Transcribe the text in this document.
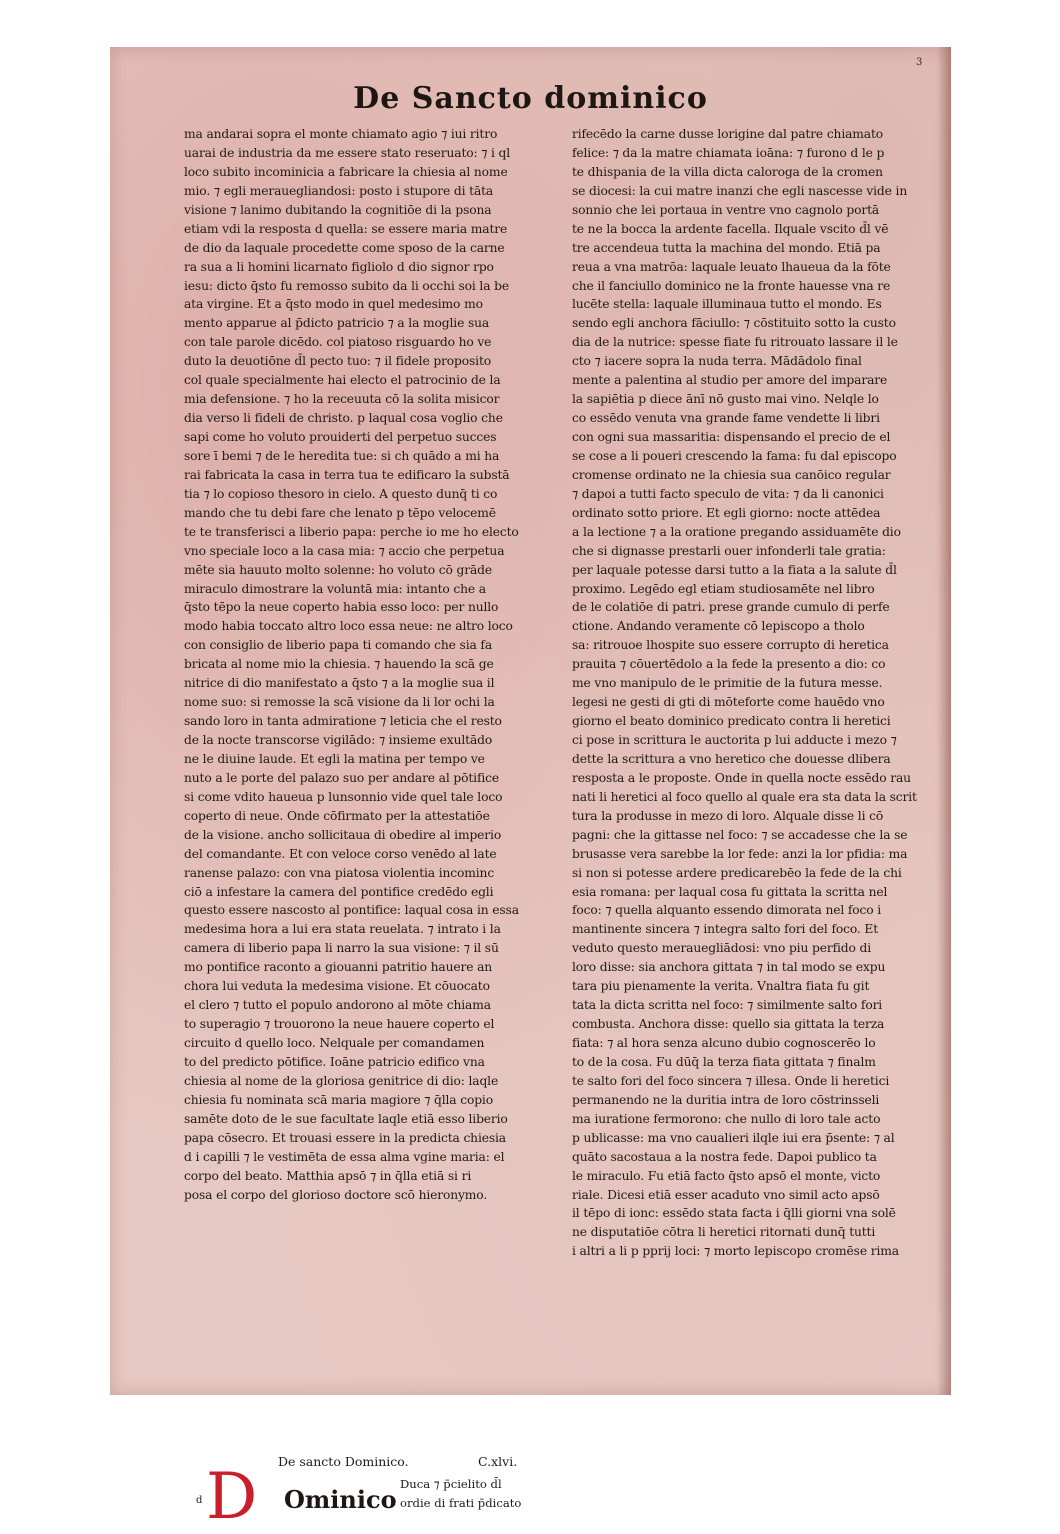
3
De Sancto dominico
ma andarai sopra el monte chiamato agio ⁊ iui ritro
uarai de industria da me essere stato reseruato: ⁊ i ql
loco subito incominicia a fabricare la chiesia al nome
mio. ⁊ egli merauegliandosi: posto i stupore di tāta
visione ⁊ lanimo dubitando la cognitiōe di la psona
etiam vdi la resposta d quella: se essere maria matre
de dio da laquale procedette come sposo de la carne
ra sua a li homini licarnato figliolo d dio signor rpo
iesu: dicto q̄sto fu remosso subito da li occhi soi la be
ata virgine. Et a q̄sto modo in quel medesimo mo
mento apparue al p̄dicto patricio ⁊ a la moglie sua
con tale parole dicēdo. col piatoso risguardo ho ve
duto la deuotiōne d̄l pecto tuo: ⁊ il fidele proposito
col quale specialmente hai electo el patrocinio de la
mia defensione. ⁊ ho la receuuta cō la solita misicor
dia verso li fideli de christo. p laqual cosa voglio che
sapi come ho voluto prouiderti del perpetuo succes
sore ī bemi ⁊ de le heredita tue: si ch quādo a mi ha
rai fabricata la casa in terra tua te edificaro la substā
tia ⁊ lo copioso thesoro in cielo. A questo dunq̄ ti co
mando che tu debi fare che lenato p tēpo velocemē
te te transferisci a liberio papa: perche io me ho electo
vno speciale loco a la casa mia: ⁊ accio che perpetua
mēte sia hauuto molto solenne: ho voluto cō grāde
miraculo dimostrare la voluntā mia: intanto che a
q̄sto tēpo la neue coperto habia esso loco: per nullo
modo habia toccato altro loco essa neue: ne altro loco
con consiglio de liberio papa ti comando che sia fa
bricata al nome mio la chiesia. ⁊ hauendo la scā ge
nitrice di dio manifestato a q̄sto ⁊ a la moglie sua il
nome suo: si remosse la scā visione da li lor ochi la
sando loro in tanta admiratione ⁊ leticia che el resto
de la nocte transcorse vigilādo: ⁊ insieme exultādo
ne le diuine laude. Et egli la matina per tempo ve
nuto a le porte del palazo suo per andare al pōtifice
si come vdito haueua p lunsonnio vide quel tale loco
coperto di neue. Onde cōfirmato per la attestatiōe
de la visione. ancho sollicitaua di obedire al imperio
del comandante. Et con veloce corso venēdo al late
ranense palazo: con vna piatosa violentia incominc
ciō a infestare la camera del pontifice credēdo egli
questo essere nascosto al pontifice: laqual cosa in essa
medesima hora a lui era stata reuelata. ⁊ intrato i la
camera di liberio papa li narro la sua visione: ⁊ il sū
mo pontifice raconto a giouanni patritio hauere an
chora lui veduta la medesima visione. Et cōuocato
el clero ⁊ tutto el populo andorono al mōte chiama
to superagio ⁊ trouorono la neue hauere coperto el
circuito d quello loco. Nelquale per comandamen
to del predicto pōtifice. Ioāne patricio edifico vna
chiesia al nome de la gloriosa genitrice di dio: laqle
chiesia fu nominata scā maria magiore ⁊ q̄lla copio
samēte doto de le sue facultate laqle etiā esso liberio
papa cōsecro. Et trouasi essere in la predicta chiesia
d i capilli ⁊ le vestimēta de essa alma vgine maria: el
corpo del beato. Matthia apsō ⁊ in q̄lla etiā si ri
posa el corpo del glorioso doctore scō hieronymo.
rifecēdo la carne dusse lorigine dal patre chiamato
felice: ⁊ da la matre chiamata ioāna: ⁊ furono d le p
te dhispania de la villa dicta caloroga de la cromen
se diocesi: la cui matre inanzi che egli nascesse vide in
sonnio che lei portaua in ventre vno cagnolo portā
te ne la bocca la ardente facella. Ilquale vscito d̄l vē
tre accendeua tutta la machina del mondo. Etiā pa
reua a vna matrōa: laquale leuato lhaueua da la fōte
che il fanciullo dominico ne la fronte hauesse vna re
lucēte stella: laquale illuminaua tutto el mondo. Es
sendo egli anchora fāciullo: ⁊ cōstituito sotto la custo
dia de la nutrice: spesse fiate fu ritrouato lassare il le
cto ⁊ iacere sopra la nuda terra. Mādādolo final
mente a palentina al studio per amore del imparare
la sapiētia p diece ānī nō gusto mai vino. Nelqle lo
co essēdo venuta vna grande fame vendette li libri
con ogni sua massaritia: dispensando el precio de el
se cose a li poueri crescendo la fama: fu dal episcopo
cromense ordinato ne la chiesia sua canōico regular
⁊ dapoi a tutti facto speculo de vita: ⁊ da li canonici
ordinato sotto priore. Et egli giorno: nocte attēdea
a la lectione ⁊ a la oratione pregando assiduamēte dio
che si dignasse prestarli ouer infonderli tale gratia:
per laquale potesse darsi tutto a la fiata a la salute d̄l
proximo. Legēdo egl etiam studiosamēte nel libro
de le colatiōe di patri. prese grande cumulo di perfe
ctione. Andando veramente cō lepiscopo a tholo
sa: ritrouoe lhospite suo essere corrupto di heretica
prauita ⁊ cōuertēdolo a la fede la presento a dio: co
me vno manipulo de le primitie de la futura messe.
legesi ne gesti di gti di mōteforte come hauēdo vno
giorno el beato dominico predicato contra li heretici
ci pose in scrittura le auctorita p lui adducte i mezo ⁊
dette la scrittura a vno heretico che douesse dlibera
resposta a le proposte. Onde in quella nocte essēdo rau
nati li heretici al foco quello al quale era sta data la scrit
tura la produsse in mezo di loro. Alquale disse li cō
pagni: che la gittasse nel foco: ⁊ se accadesse che la se
brusasse vera sarebbe la lor fede: anzi la lor pfidia: ma
si non si potesse ardere predicarebēo la fede de la chi
esia romana: per laqual cosa fu gittata la scritta nel
foco: ⁊ quella alquanto essendo dimorata nel foco i
mantinente sincera ⁊ integra salto fori del foco. Et
veduto questo merauegliādosi: vno piu perfido di
loro disse: sia anchora gittata ⁊ in tal modo se expu
tara piu pienamente la verita. Vnaltra fiata fu git
tata la dicta scritta nel foco: ⁊ similmente salto fori
combusta. Anchora disse: quello sia gittata la terza
fiata: ⁊ al hora senza alcuno dubio cognoscerēo lo
to de la cosa. Fu dūq̄ la terza fiata gittata ⁊ finalm
te salto fori del foco sincera ⁊ illesa. Onde li heretici
permanendo ne la duritia intra de loro cōstrinsseli
ma iuratione fermorono: che nullo di loro tale acto
p ublicasse: ma vno caualieri ilqle iui era p̄sente: ⁊ al
quāto sacostaua a la nostra fede. Dapoi publico ta
le miraculo. Fu etiā facto q̄sto apsō el monte, victo
riale. Dicesi etiā esser acaduto vno simil acto apsō
il tēpo di ionc: essēdo stata facta i q̄lli giorni vna solē
ne disputatiōe cōtra li heretici ritornati dunq̄ tutti
i altri a li p pprij loci: ⁊ morto lepiscopo cromēse rima
De sancto Dominico.	C.xlvi.
D
d	Ominico
Duca ⁊ p̄cielito d̄l
ordie di frati p̄dicato
